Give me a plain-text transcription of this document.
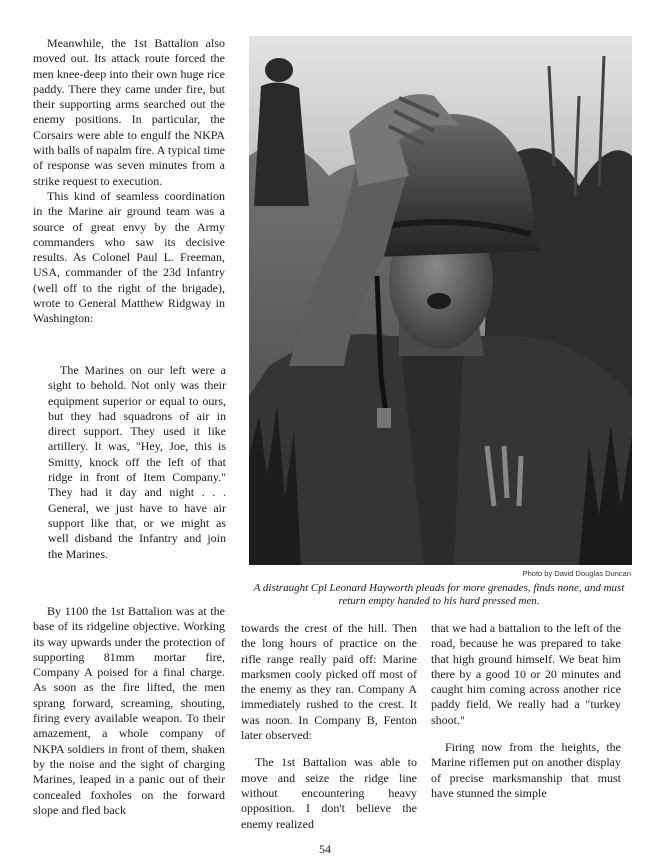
Meanwhile, the 1st Battalion also moved out. Its attack route forced the men knee-deep into their own huge rice paddy. There they came under fire, but their supporting arms searched out the enemy positions. In particular, the Corsairs were able to engulf the NKPA with balls of napalm fire. A typical time of response was seven minutes from a strike request to execution.

This kind of seamless coordination in the Marine air ground team was a source of great envy by the Army commanders who saw its decisive results. As Colonel Paul L. Freeman, USA, commander of the 23d Infantry (well off to the right of the brigade), wrote to General Matthew Ridgway in Washington:

The Marines on our left were a sight to behold. Not only was their equipment superior or equal to ours, but they had squadrons of air in direct support. They used it like artillery. It was, "Hey, Joe, this is Smitty, knock off the left of that ridge in front of Item Company." They had it day and night . . . General, we just have to have air support like that, or we might as well disband the Infantry and join the Marines.

By 1100 the 1st Battalion was at the base of its ridgeline objective. Working its way upwards under the protection of supporting 81mm mortar fire, Company A poised for a final charge. As soon as the fire lifted, the men sprang forward, screaming, shouting, firing every available weapon. To their amazement, a whole company of NKPA soldiers in front of them, shaken by the noise and the sight of charging Marines, leaped in a panic out of their concealed foxholes on the forward slope and fled back

towards the crest of the hill. Then the long hours of practice on the rifle range really paid off: Marine marksmen cooly picked off most of the enemy as they ran. Company A immediately rushed to the crest. It was noon. In Company B, Fenton later observed:

The 1st Battalion was able to move and seize the ridge line without encountering heavy opposition. I don't believe the enemy realized

that we had a battalion to the left of the road, because he was prepared to take that high ground himself. We beat him there by a good 10 or 20 minutes and caught him coming across another rice paddy field. We really had a "turkey shoot."

Firing now from the heights, the Marine riflemen put on another display of precise marksmanship that must have stunned the simple

Photo by David Douglas Duncan
A distraught Cpl Leonard Hayworth pleads for more grenades, finds none, and must return empty handed to his hard pressed men.
54
